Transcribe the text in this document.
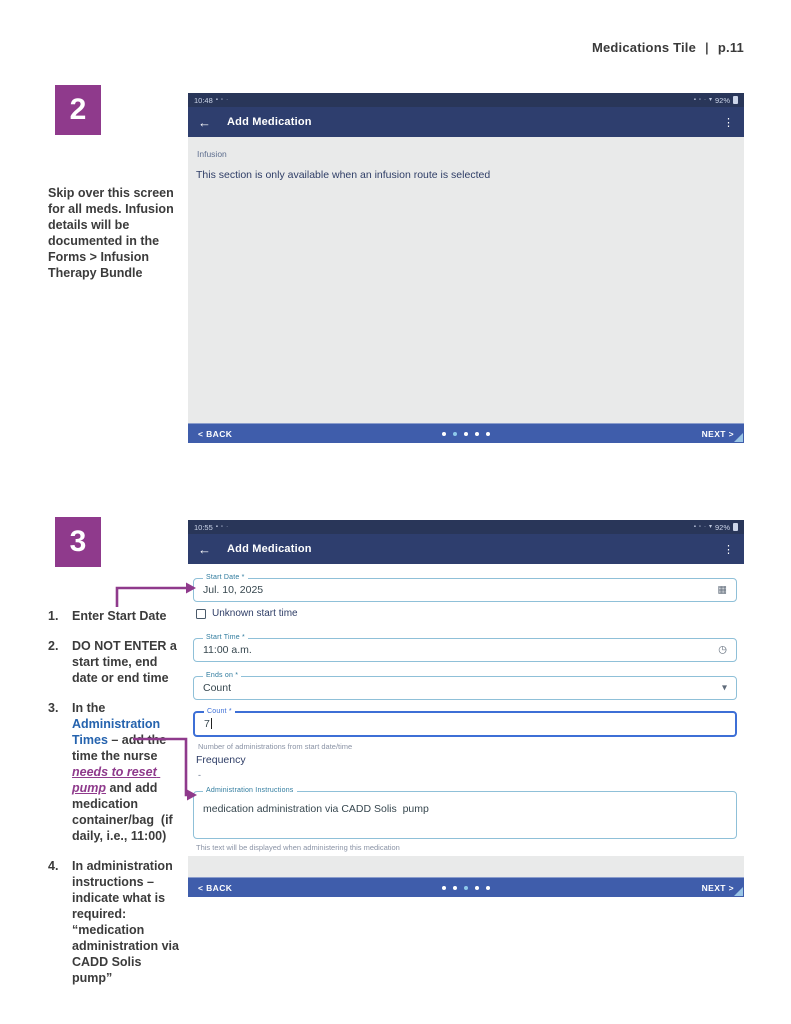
Medications Tile | p.11
2
Skip over this screen for all meds. Infusion details will be documented in the Forms > Infusion Therapy Bundle
10:48 ▪ ▫ ·	▪ ▫ · ▾ 92%
← Add Medication	⋮
Infusion
This section is only available when an infusion route is selected
< BACK	NEXT >
3
1.	Enter Start Date
2.	DO NOT ENTER a start time, end date or end time
3.	In the Administration Times – add the time the nurse needs to reset pump and add medication container/bag  (if daily, i.e., 11:00)
4.	In administration instructions –  indicate what is required: “medication administration via CADD Solis pump”
10:55 ▪ ▫ ·	▪ ▫ · ▾ 92%
← Add Medication	⋮
Start Date *
Jul. 10, 2025	▦
Unknown start time
Start Time *
11:00 a.m.	◷
Ends on *
Count	▾
Count *
7
Number of administrations from start date/time
Frequency
-
Administration Instructions
medication administration via CADD Solis  pump
This text will be displayed when administering this medication
< BACK	NEXT >
